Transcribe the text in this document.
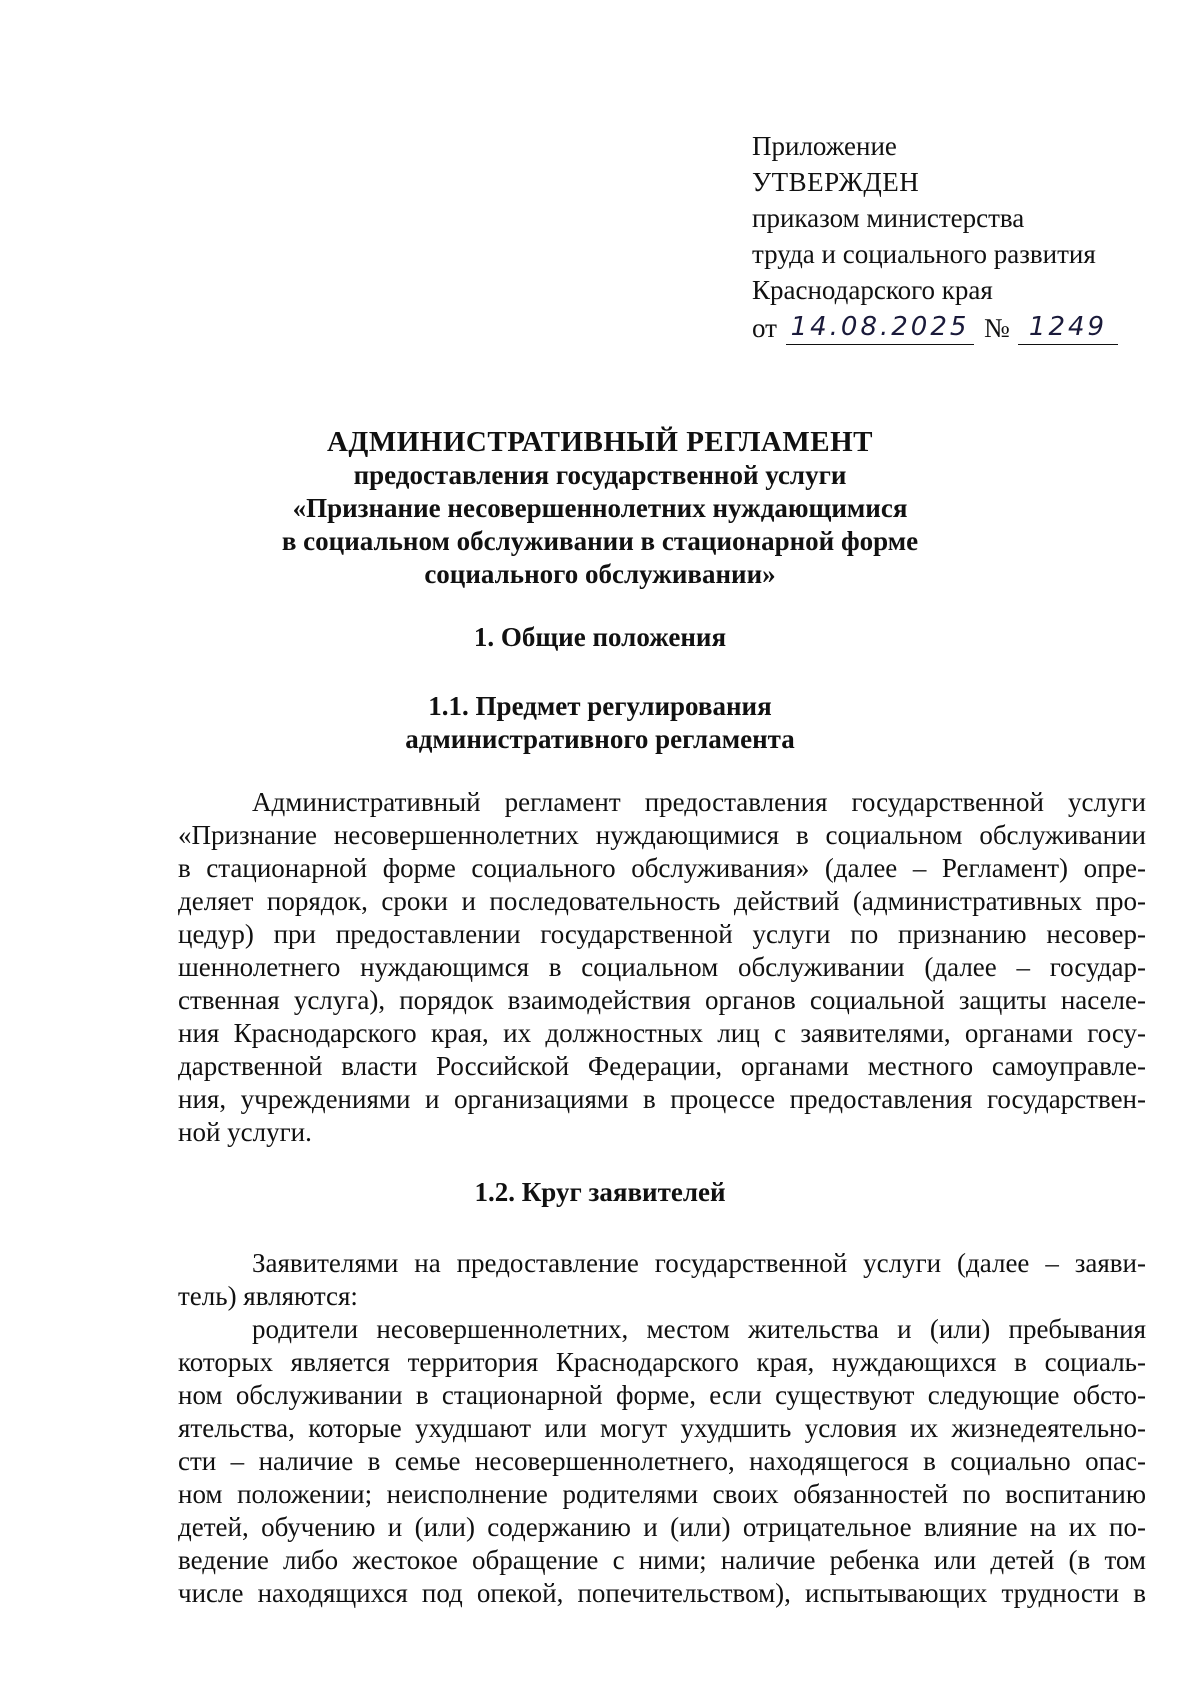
Приложение

УТВЕРЖДЕН

приказом министерства

труда и социального развития

Краснодарского края

от 14.08.2025 № 1249
АДМИНИСТРАТИВНЫЙ РЕГЛАМЕНТ
предоставления государственной услуги
«Признание несовершеннолетних нуждающимися
в социальном обслуживании в стационарной форме
социального обслуживании»
1. Общие положения
1.1. Предмет регулирования
административного регламента
Административный регламент предоставления государственной услуги
«Признание несовершеннолетних нуждающимися в социальном обслуживании
в стационарной форме социального обслуживания» (далее – Регламент) опре-
деляет порядок, сроки и последовательность действий (административных про-
цедур) при предоставлении государственной услуги по признанию несовер-
шеннолетнего нуждающимся в социальном обслуживании (далее – государ-
ственная услуга), порядок взаимодействия органов социальной защиты населе-
ния Краснодарского края, их должностных лиц с заявителями, органами госу-
дарственной власти Российской Федерации, органами местного самоуправле-
ния, учреждениями и организациями в процессе предоставления государствен-
ной услуги.
1.2. Круг заявителей
Заявителями на предоставление государственной услуги (далее – заяви-
тель) являются:
родители несовершеннолетних, местом жительства и (или) пребывания
которых является территория Краснодарского края, нуждающихся в социаль-
ном обслуживании в стационарной форме, если существуют следующие обсто-
ятельства, которые ухудшают или могут ухудшить условия их жизнедеятельно-
сти – наличие в семье несовершеннолетнего, находящегося в социально опас-
ном положении; неисполнение родителями своих обязанностей по воспитанию
детей, обучению и (или) содержанию и (или) отрицательное влияние на их по-
ведение либо жестокое обращение с ними; наличие ребенка или детей (в том
числе находящихся под опекой, попечительством), испытывающих трудности в
